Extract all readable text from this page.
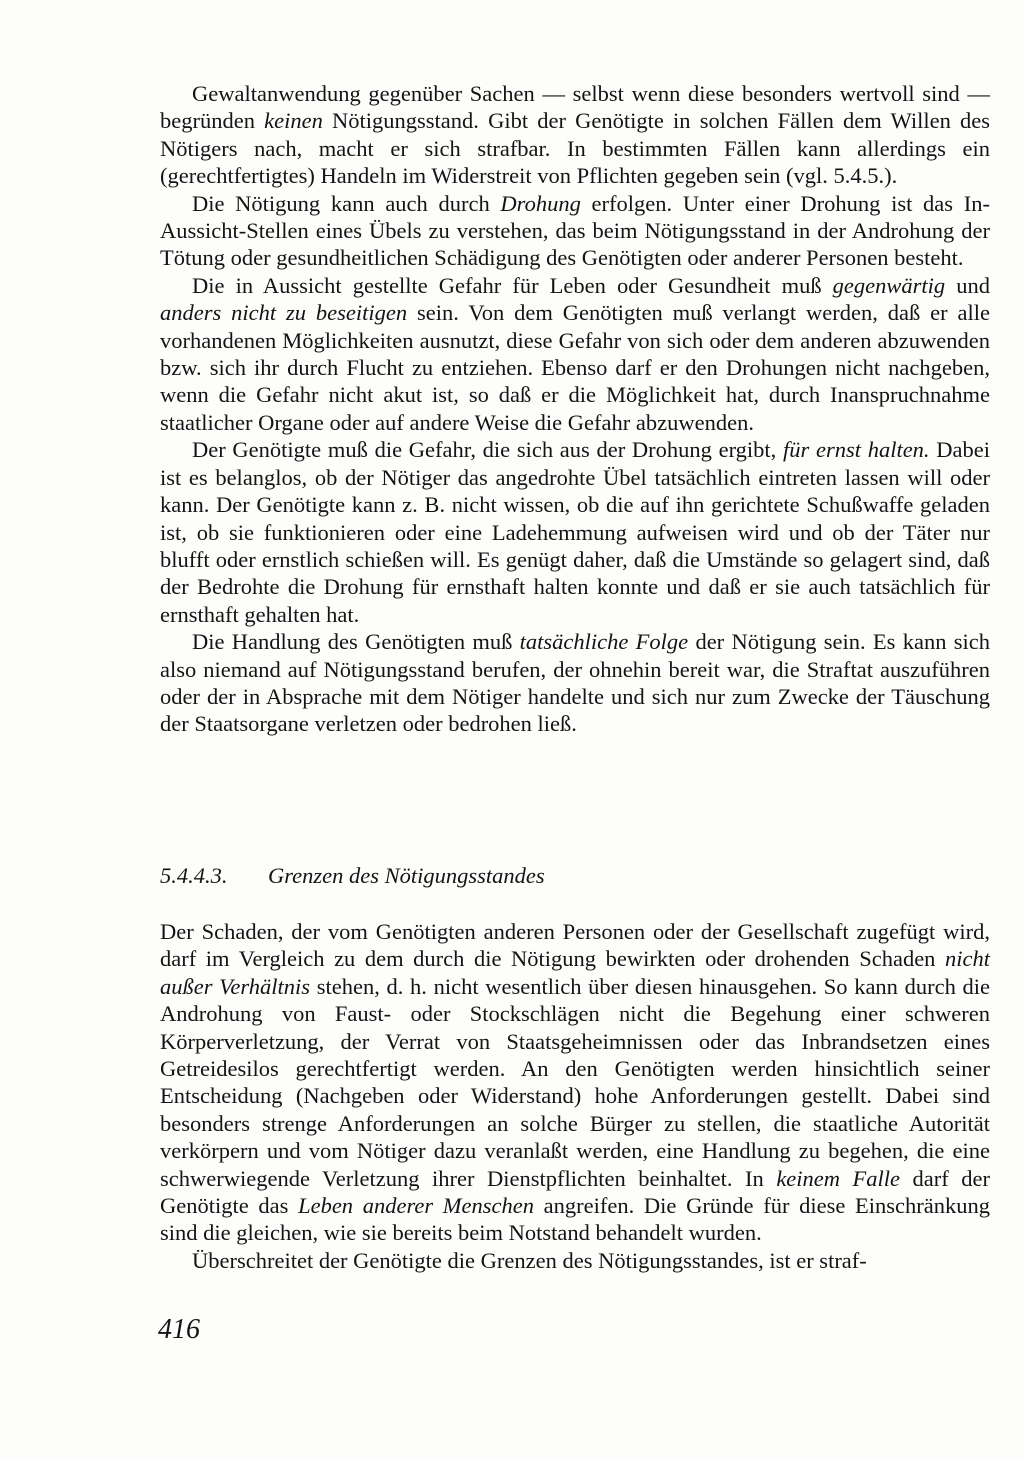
Gewaltanwendung gegenüber Sachen — selbst wenn diese besonders wertvoll sind — begründen keinen Nötigungsstand. Gibt der Genötigte in solchen Fällen dem Willen des Nötigers nach, macht er sich strafbar. In bestimmten Fällen kann allerdings ein (gerechtfertigtes) Handeln im Widerstreit von Pflichten gegeben sein (vgl. 5.4.5.).

Die Nötigung kann auch durch Drohung erfolgen. Unter einer Drohung ist das In-Aussicht-Stellen eines Übels zu verstehen, das beim Nötigungsstand in der Androhung der Tötung oder gesundheitlichen Schädigung des Genötigten oder anderer Personen besteht.

Die in Aussicht gestellte Gefahr für Leben oder Gesundheit muß gegenwärtig und anders nicht zu beseitigen sein. Von dem Genötigten muß verlangt werden, daß er alle vorhandenen Möglichkeiten ausnutzt, diese Gefahr von sich oder dem anderen abzuwenden bzw. sich ihr durch Flucht zu entziehen. Ebenso darf er den Drohungen nicht nachgeben, wenn die Gefahr nicht akut ist, so daß er die Möglichkeit hat, durch Inanspruchnahme staatlicher Organe oder auf andere Weise die Gefahr abzuwenden.

Der Genötigte muß die Gefahr, die sich aus der Drohung ergibt, für ernst halten. Dabei ist es belanglos, ob der Nötiger das angedrohte Übel tatsächlich eintreten lassen will oder kann. Der Genötigte kann z. B. nicht wissen, ob die auf ihn gerichtete Schußwaffe geladen ist, ob sie funktionieren oder eine Ladehemmung aufweisen wird und ob der Täter nur blufft oder ernstlich schießen will. Es genügt daher, daß die Umstände so gelagert sind, daß der Bedrohte die Drohung für ernsthaft halten konnte und daß er sie auch tatsächlich für ernsthaft gehalten hat.

Die Handlung des Genötigten muß tatsächliche Folge der Nötigung sein. Es kann sich also niemand auf Nötigungsstand berufen, der ohnehin bereit war, die Straftat auszuführen oder der in Absprache mit dem Nötiger handelte und sich nur zum Zwecke der Täuschung der Staatsorgane verletzen oder bedrohen ließ.

5.4.4.3. Grenzen des Nötigungsstandes

Der Schaden, der vom Genötigten anderen Personen oder der Gesellschaft zugefügt wird, darf im Vergleich zu dem durch die Nötigung bewirkten oder drohenden Schaden nicht außer Verhältnis stehen, d. h. nicht wesentlich über diesen hinausgehen. So kann durch die Androhung von Faust- oder Stockschlägen nicht die Begehung einer schweren Körperverletzung, der Verrat von Staatsgeheimnissen oder das Inbrandsetzen eines Getreidesilos gerechtfertigt werden. An den Genötigten werden hinsichtlich seiner Entscheidung (Nachgeben oder Widerstand) hohe Anforderungen gestellt. Dabei sind besonders strenge Anforderungen an solche Bürger zu stellen, die staatliche Autorität verkörpern und vom Nötiger dazu veranlaßt werden, eine Handlung zu begehen, die eine schwerwiegende Verletzung ihrer Dienstpflichten beinhaltet. In keinem Falle darf der Genötigte das Leben anderer Menschen angreifen. Die Gründe für diese Einschränkung sind die gleichen, wie sie bereits beim Notstand behandelt wurden.

Überschreitet der Genötigte die Grenzen des Nötigungsstandes, ist er straf-

416
